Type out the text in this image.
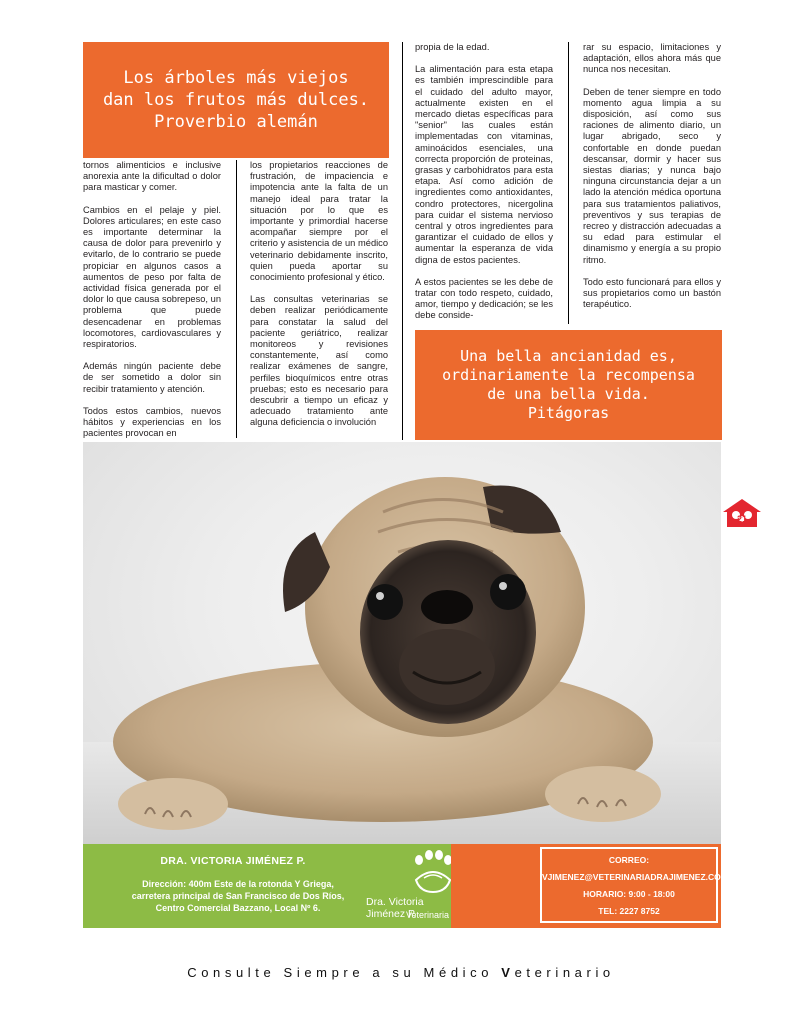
Los árboles más viejos
dan los frutos más dulces.
Proverbio alemán
Una bella ancianidad es,
ordinariamente la recompensa
de una bella vida.
Pitágoras

tornos alimenticios e inclusive anorexia ante la dificultad o dolor para masticar y comer.

Cambios en el pelaje y piel. Dolores articulares; en este caso es importante determinar la causa de dolor para prevenirlo y evitarlo, de lo contrario se puede propiciar en algunos casos a aumentos de peso por falta de actividad física generada por el dolor lo que causa sobrepeso, un problema que puede desencadenar en problemas locomotores, cardiovasculares y respiratorios.

Además ningún paciente debe de ser sometido a dolor sin recibir tratamiento y atención.

Todos estos cambios, nuevos hábitos y experiencias en los pacientes provocan en

los propietarios reacciones de frustración, de impaciencia e impotencia ante la falta de un manejo ideal para tratar la situación por lo que es importante y primordial hacerse acompañar siempre por el criterio y asistencia de un médico veterinario debidamente inscrito, quien pueda aportar su conocimiento profesional y ético.

Las consultas veterinarias se deben realizar periódicamente para constatar la salud del paciente geriátrico, realizar monitoreos y revisiones constantemente, así como realizar exámenes de sangre, perfiles bioquímicos entre otras pruebas; esto es necesario para descubrir a tiempo un eficaz y adecuado tratamiento ante alguna deficiencia o involución

propia de la edad.

La alimentación para esta etapa es también imprescindible para el cuidado del adulto mayor, actualmente existen en el mercado dietas específicas para "senior" las cuales están implementadas con vitaminas, aminoácidos esenciales, una correcta proporción de proteinas, grasas y carbohidratos para esta etapa. Así como adición de ingredientes como antioxidantes, condro protectores, nicergolina para cuidar el sistema nervioso central y otros ingredientes para garantizar el cuidado de ellos y aumentar la esperanza de vida digna de estos pacientes.

A estos pacientes se les debe de tratar con todo respeto, cuidado, amor, tiempo y dedicación; se les debe conside-

rar su espacio, limitaciones y adaptación, ellos ahora más que nunca nos necesitan.

Deben de tener siempre en todo momento agua limpia a su disposición, así como sus raciones de alimento diario, un lugar abrigado, seco y confortable en donde puedan descansar, dormir y hacer sus siestas diarias; y nunca bajo ninguna circunstancia dejar a un lado la atención médica oportuna para sus tratamientos paliativos, preventivos y sus terapias de recreo y distracción adecuadas a su edad para estimular el dinamismo y energía a su propio ritmo.

Todo esto funcionará para ellos y sus propietarios como un bastón terapéutico.

21
DRA. VICTORIA JIMÉNEZ P.
Dirección: 400m Este de la rotonda Y Griega,
carretera principal de San Francisco de Dos Ríos,
Centro Comercial Bazzano, Local Nº 6.	Dra. Victoria Jiménez P.
Veterinaria
CORREO:
VJIMENEZ@VETERINARIADRAJIMENEZ.COM
HORARIO: 9:00 - 18:00
TEL: 2227 8752
Consulte Siempre a su Médico Veterinario
